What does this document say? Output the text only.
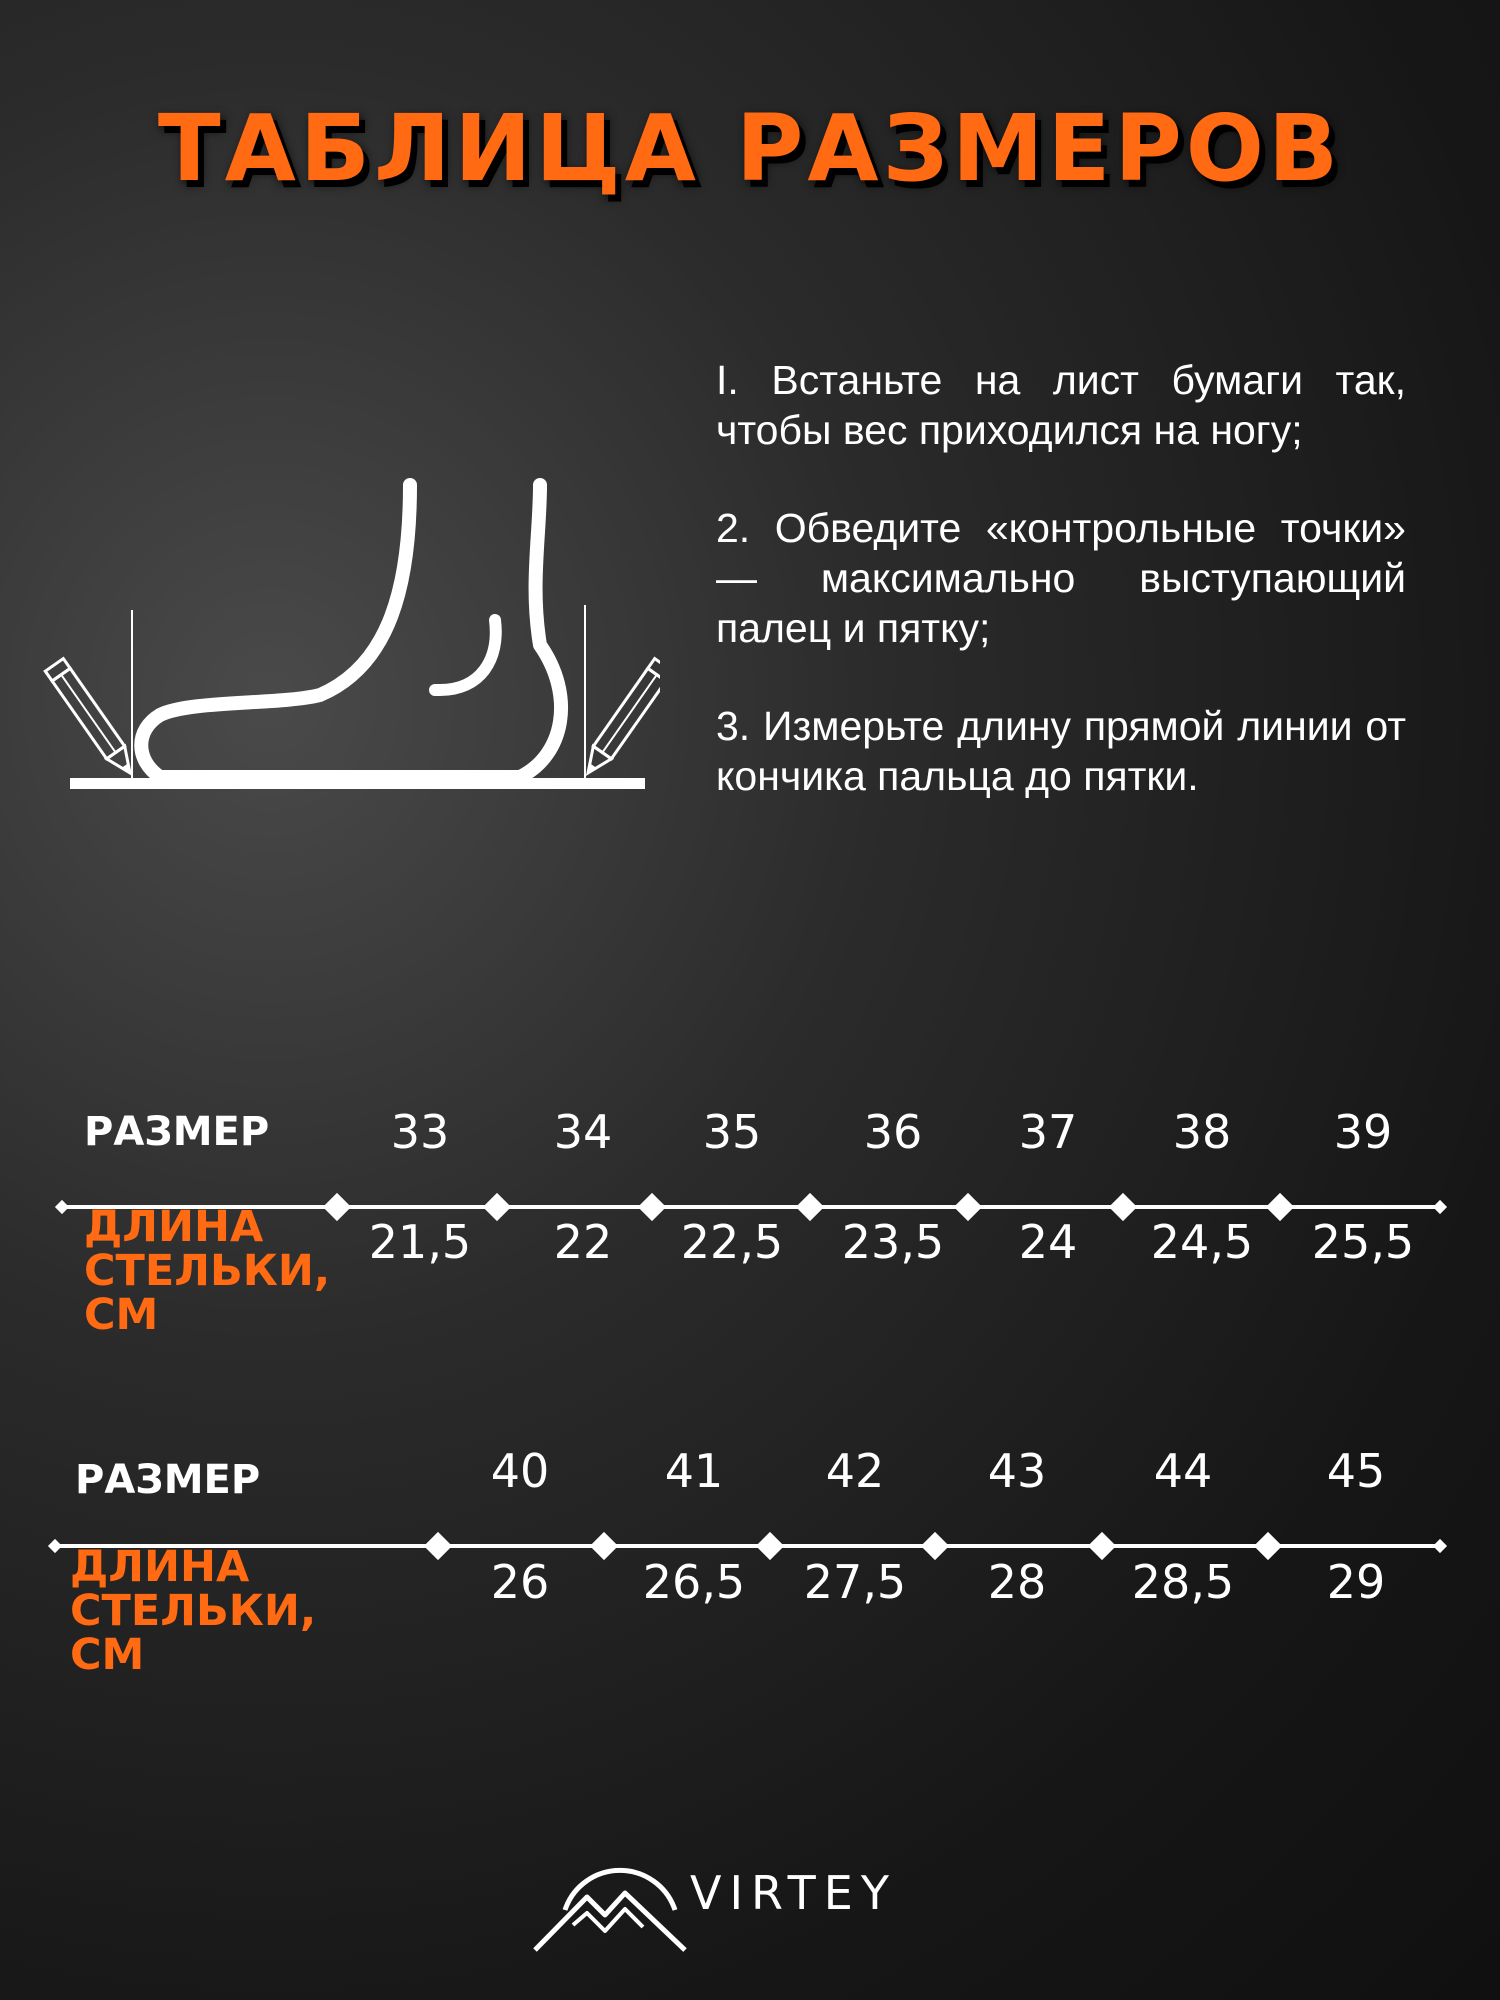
ТАБЛИЦА РАЗМЕРОВ

I. Встаньте на лист бумаги так, чтобы вес приходился на ногу;

2. Обведите «контрольные точки» — максимально выступающий палец и пятку;

3. Измерьте длину прямой линии от кончика пальца до пятки.

РАЗМЕР	33	34	35	36	37	38	39
ДЛИНА
СТЕЛЬКИ,
СМ
21,5	22	22,5	23,5	24	24,5	25,5
РАЗМЕР	40	41	42	43	44	45
ДЛИНА
СТЕЛЬКИ,
СМ
26	26,5	27,5	28	28,5	29
VIRTEY
